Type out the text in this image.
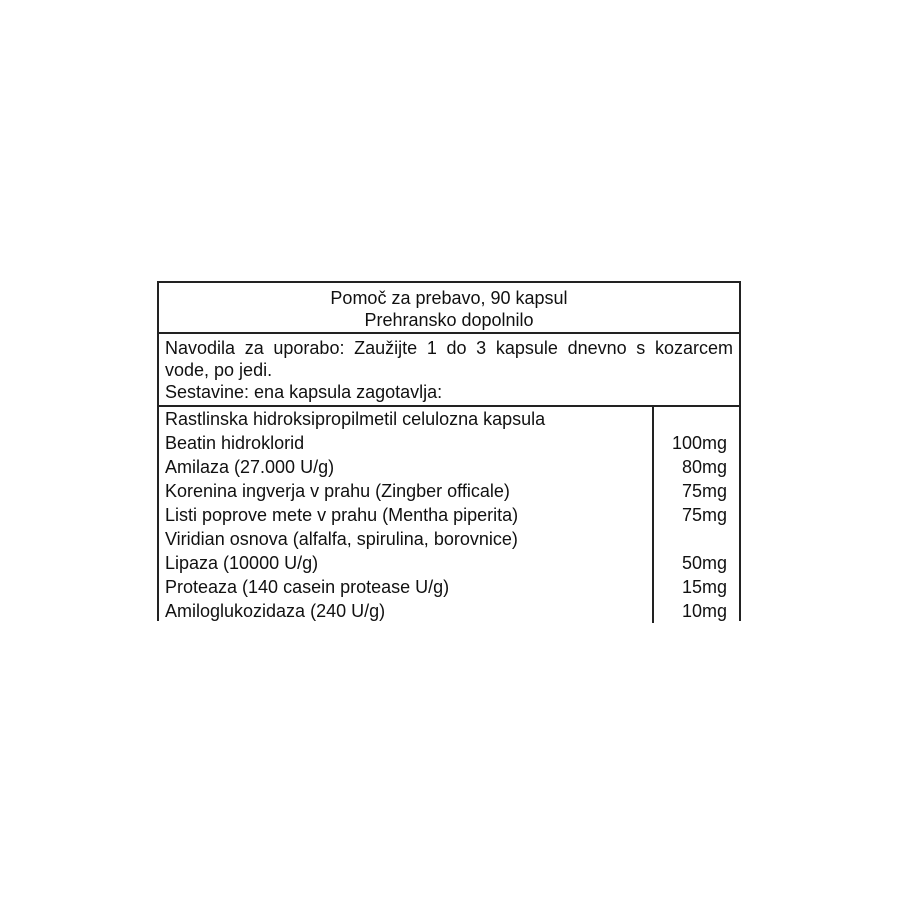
Pomoč za prebavo, 90 kapsul
Prehransko dopolnilo

Navodila za uporabo: Zaužijte 1 do 3 kapsule dnevno s kozarcem vode, po jedi.

Sestavine: ena kapsula zagotavlja:

Rastlinska hidroksipropilmetil celulozna kapsula
Beatin hidroklorid	100mg
Amilaza (27.000 U/g)	80mg
Korenina ingverja v prahu (Zingber officale)	75mg
Listi poprove mete v prahu (Mentha piperita)	75mg
Viridian osnova (alfalfa, spirulina, borovnice)
Lipaza (10000 U/g)	50mg
Proteaza (140 casein protease U/g)	15mg
Amiloglukozidaza (240 U/g)	10mg
